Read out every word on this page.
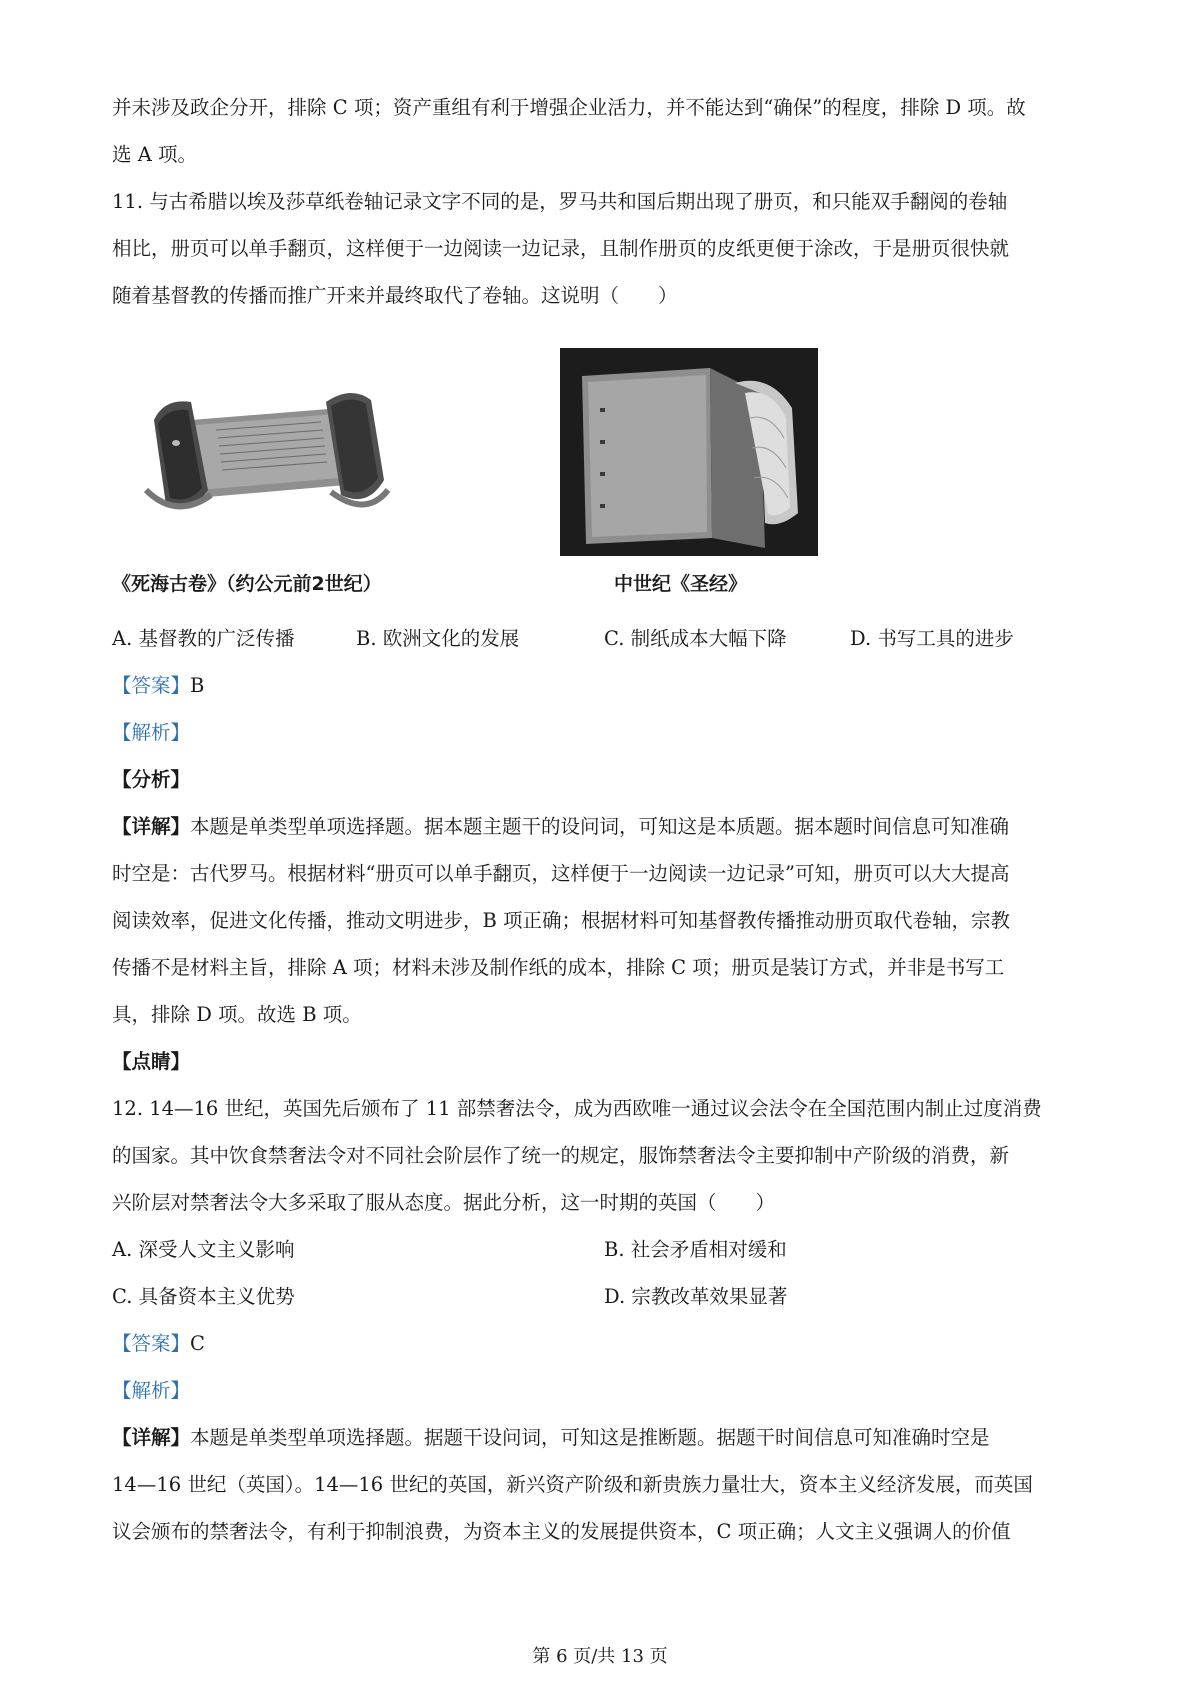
并未涉及政企分开，排除 C 项；资产重组有利于增强企业活力，并不能达到“确保”的程度，排除 D 项。故
选 A 项。
11. 与古希腊以埃及莎草纸卷轴记录文字不同的是，罗马共和国后期出现了册页，和只能双手翻阅的卷轴
相比，册页可以单手翻页，这样便于一边阅读一边记录，且制作册页的皮纸更便于涂改，于是册页很快就
随着基督教的传播而推广开来并最终取代了卷轴。这说明（　　）
《死海古卷》（约公元前2世纪）	中世纪《圣经》
A. 基督教的广泛传播	B. 欧洲文化的发展	C. 制纸成本大幅下降	D. 书写工具的进步
【答案】B
【解析】
【分析】
【详解】本题是单类型单项选择题。据本题主题干的设问词，可知这是本质题。据本题时间信息可知准确
时空是：古代罗马。根据材料“册页可以单手翻页，这样便于一边阅读一边记录”可知，册页可以大大提高
阅读效率，促进文化传播，推动文明进步，B 项正确；根据材料可知基督教传播推动册页取代卷轴，宗教
传播不是材料主旨，排除 A 项；材料未涉及制作纸的成本，排除 C 项；册页是装订方式，并非是书写工
具，排除 D 项。故选 B 项。
【点睛】
12. 14—16 世纪，英国先后颁布了 11 部禁奢法令，成为西欧唯一通过议会法令在全国范围内制止过度消费
的国家。其中饮食禁奢法令对不同社会阶层作了统一的规定，服饰禁奢法令主要抑制中产阶级的消费，新
兴阶层对禁奢法令大多采取了服从态度。据此分析，这一时期的英国（　　）
A. 深受人文主义影响	B. 社会矛盾相对缓和
C. 具备资本主义优势	D. 宗教改革效果显著
【答案】C
【解析】
【详解】本题是单类型单项选择题。据题干设问词，可知这是推断题。据题干时间信息可知准确时空是
14—16 世纪（英国）。14—16 世纪的英国，新兴资产阶级和新贵族力量壮大，资本主义经济发展，而英国
议会颁布的禁奢法令，有利于抑制浪费，为资本主义的发展提供资本，C 项正确；人文主义强调人的价值
第 6 页/共 13 页
